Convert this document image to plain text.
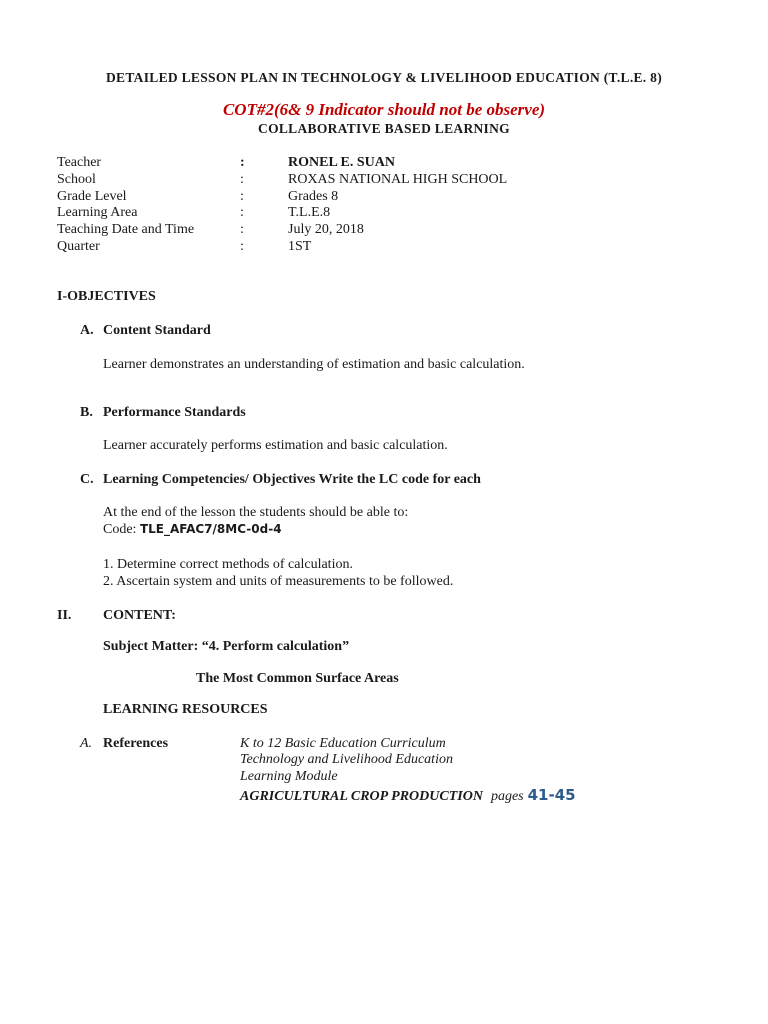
DETAILED LESSON PLAN IN TECHNOLOGY & LIVELIHOOD EDUCATION (T.L.E. 8)
COT#2(6& 9 Indicator should not be observe)
COLLABORATIVE BASED LEARNING
Teacher	:	RONEL E. SUAN
School	:	ROXAS NATIONAL HIGH SCHOOL
Grade Level	:	Grades 8
Learning Area	:	T.L.E.8
Teaching Date and Time	:	July 20, 2018
Quarter	:	1ST
I-OBJECTIVES
A. Content Standard
Learner demonstrates an understanding of estimation and basic calculation.
B. Performance Standards
Learner accurately performs estimation and basic calculation.
C. Learning Competencies/ Objectives Write the LC code for each
At the end of the lesson the students should be able to:
Code: TLE_AFAC7/8MC-0d-4
1. Determine correct methods of calculation.
2. Ascertain system and units of measurements to be followed.
II. CONTENT:
Subject Matter: “4. Perform calculation”
The Most Common Surface Areas
LEARNING RESOURCES
A. References	K to 12 Basic Education Curriculum
Technology and Livelihood Education
Learning Module
AGRICULTURAL CROP PRODUCTION pages 41-45
